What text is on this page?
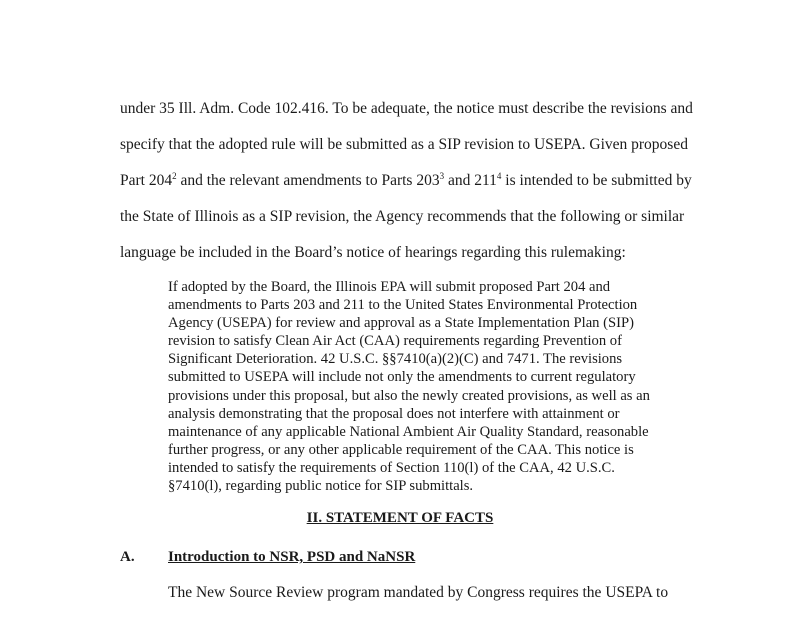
under 35 Ill. Adm. Code 102.416. To be adequate, the notice must describe the revisions and
specify that the adopted rule will be submitted as a SIP revision to USEPA. Given proposed
Part $204^2$ and the relevant amendments to Parts $203^3$ and $211^4$ is intended to be submitted by
the State of Illinois as a SIP revision, the Agency recommends that the following or similar
language be included in the Board’s notice of hearings regarding this rulemaking:
If adopted by the Board, the Illinois EPA will submit proposed Part 204 and
amendments to Parts 203 and 211 to the United States Environmental Protection
Agency (USEPA) for review and approval as a State Implementation Plan (SIP)
revision to satisfy Clean Air Act (CAA) requirements regarding Prevention of
Significant Deterioration. 42 U.S.C. §§7410(a)(2)(C) and 7471. The revisions
submitted to USEPA will include not only the amendments to current regulatory
provisions under this proposal, but also the newly created provisions, as well as an
analysis demonstrating that the proposal does not interfere with attainment or
maintenance of any applicable National Ambient Air Quality Standard, reasonable
further progress, or any other applicable requirement of the CAA. This notice is
intended to satisfy the requirements of Section 110(l) of the CAA, 42 U.S.C.
§7410(l), regarding public notice for SIP submittals.
II. STATEMENT OF FACTS
A. Introduction to NSR, PSD and NaNSR
The New Source Review program mandated by Congress requires the USEPA to
